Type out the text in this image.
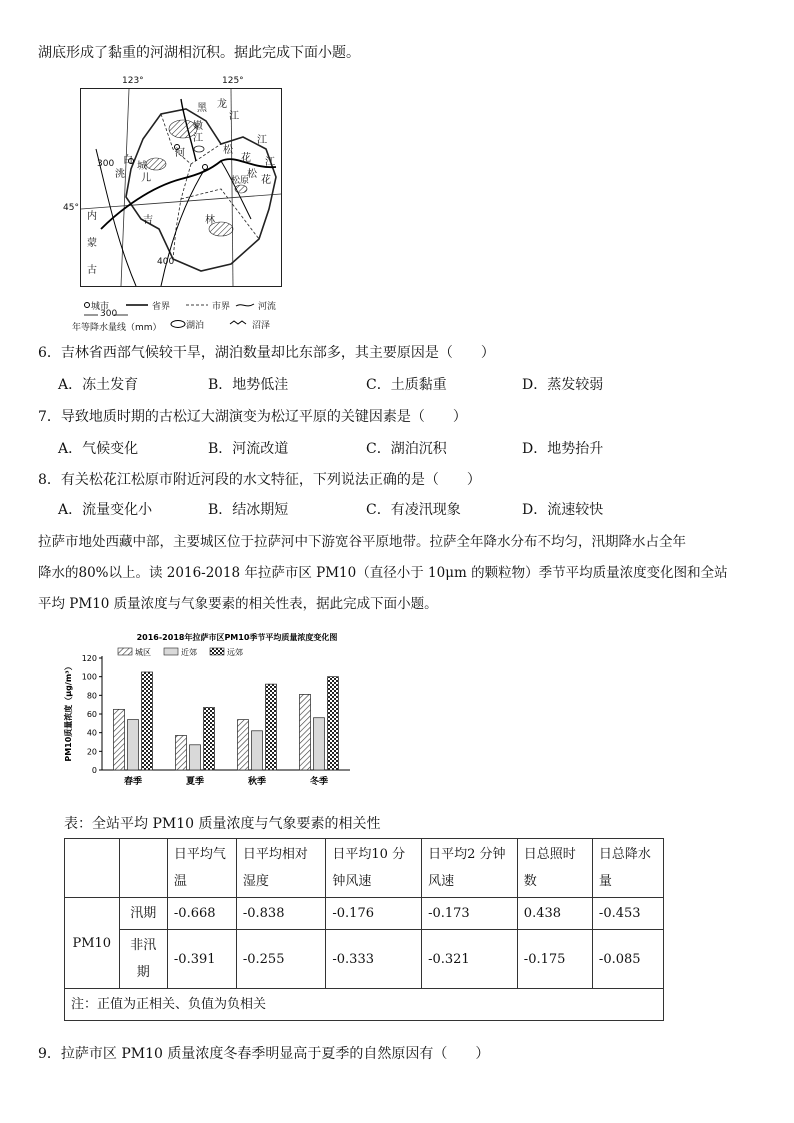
湖底形成了黏重的河湖相沉积。据此完成下面小题。
123°	125°
45°
黑 龙
江
嫩
江
松
花
江
松
花
江
松原
白
城
洮 儿
河
吉	林
内
蒙
古
300
400
城市	省界	市界	河流
300
年等降水量线（mm）	湖泊	沼泽
6．吉林省西部气候较干旱，湖泊数量却比东部多，其主要原因是（　　）
A．冻土发育	B．地势低洼	C．土质黏重	D．蒸发较弱
7．导致地质时期的古松辽大湖演变为松辽平原的关键因素是（　　）
A．气候变化	B．河流改道	C．湖泊沉积	D．地势抬升
8．有关松花江松原市附近河段的水文特征，下列说法正确的是（　　）
A．流量变化小	B．结冰期短	C．有凌汛现象	D．流速较快
拉萨市地处西藏中部，主要城区位于拉萨河中下游宽谷平原地带。拉萨全年降水分布不均匀，汛期降水占全年
降水的80%以上。读 2016-2018 年拉萨市区 PM10（直径小于 10μm 的颗粒物）季节平均质量浓度变化图和全站
平均 PM10 质量浓度与气象要素的相关性表，据此完成下面小题。
2016-2018年拉萨市区PM10季节平均质量浓度变化图
城区	近郊	远郊
PM10质量浓度（μg/m³）
0
20
40
60
80
100
120
春季	夏季	秋季	冬季
表：全站平均 PM10 质量浓度与气象要素的相关性
		日平均气温	日平均相对湿度	日平均10 分钟风速	日平均2 分钟风速	日总照时数	日总降水量
PM10	汛期	-0.668	-0.838	-0.176	-0.173	0.438	-0.453
	非汛期	-0.391	-0.255	-0.333	-0.321	-0.175	-0.085
注：正值为正相关、负值为负相关							
9．拉萨市区 PM10 质量浓度冬春季明显高于夏季的自然原因有（　　）
